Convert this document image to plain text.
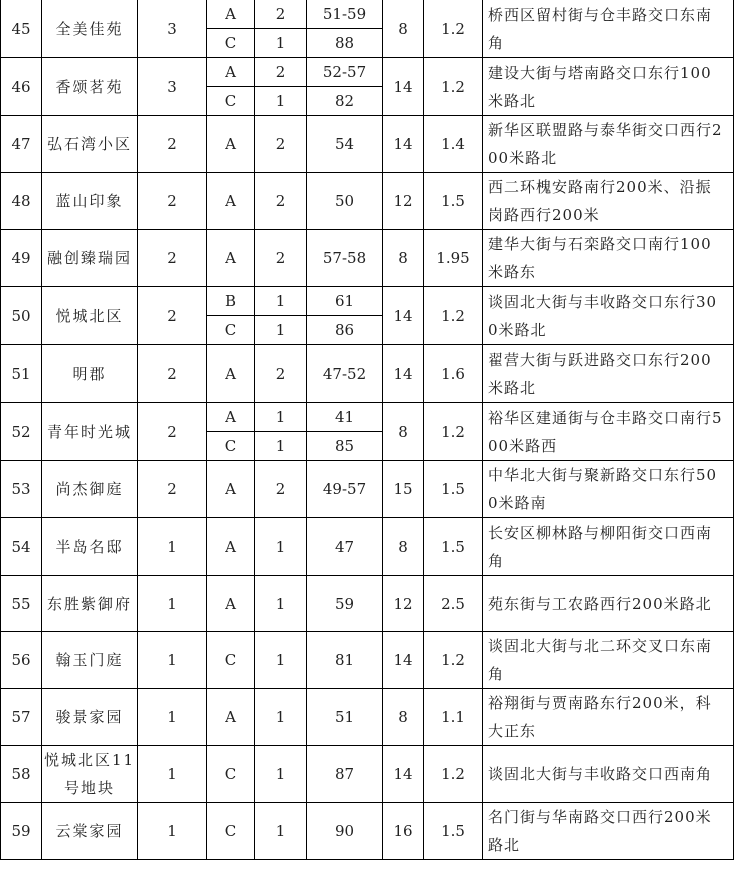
45	全美佳苑	3	A	2	51-59	8	1.2	桥西区留村街与仓丰路交口东南角
			C	1	88			
46	香颂茗苑	3	A	2	52-57	14	1.2	建设大街与塔南路交口东行100米路北
			C	1	82			
47	弘石湾小区	2	A	2	54	14	1.4	新华区联盟路与泰华街交口西行200米路北
48	蓝山印象	2	A	2	50	12	1.5	西二环槐安路南行200米、沿振岗路西行200米
49	融创臻瑞园	2	A	2	57-58	8	1.95	建华大街与石栾路交口南行100米路东
50	悦城北区	2	B	1	61	14	1.2	谈固北大街与丰收路交口东行300米路北
			C	1	86			
51	明郡	2	A	2	47-52	14	1.6	翟营大街与跃进路交口东行200米路北
52	青年时光城	2	A	1	41	8	1.2	裕华区建通街与仓丰路交口南行500米路西
			C	1	85			
53	尚杰御庭	2	A	2	49-57	15	1.5	中华北大街与聚新路交口东行500米路南
54	半岛名邸	1	A	1	47	8	1.5	长安区柳林路与柳阳街交口西南角
55	东胜紫御府	1	A	1	59	12	2.5	苑东街与工农路西行200米路北
56	翰玉门庭	1	C	1	81	14	1.2	谈固北大街与北二环交叉口东南角
57	骏景家园	1	A	1	51	8	1.1	裕翔街与贾南路东行200米，科大正东
58	悦城北区11号地块	1	C	1	87	14	1.2	谈固北大街与丰收路交口西南角
59	云棠家园	1	C	1	90	16	1.5	名门街与华南路交口西行200米路北
